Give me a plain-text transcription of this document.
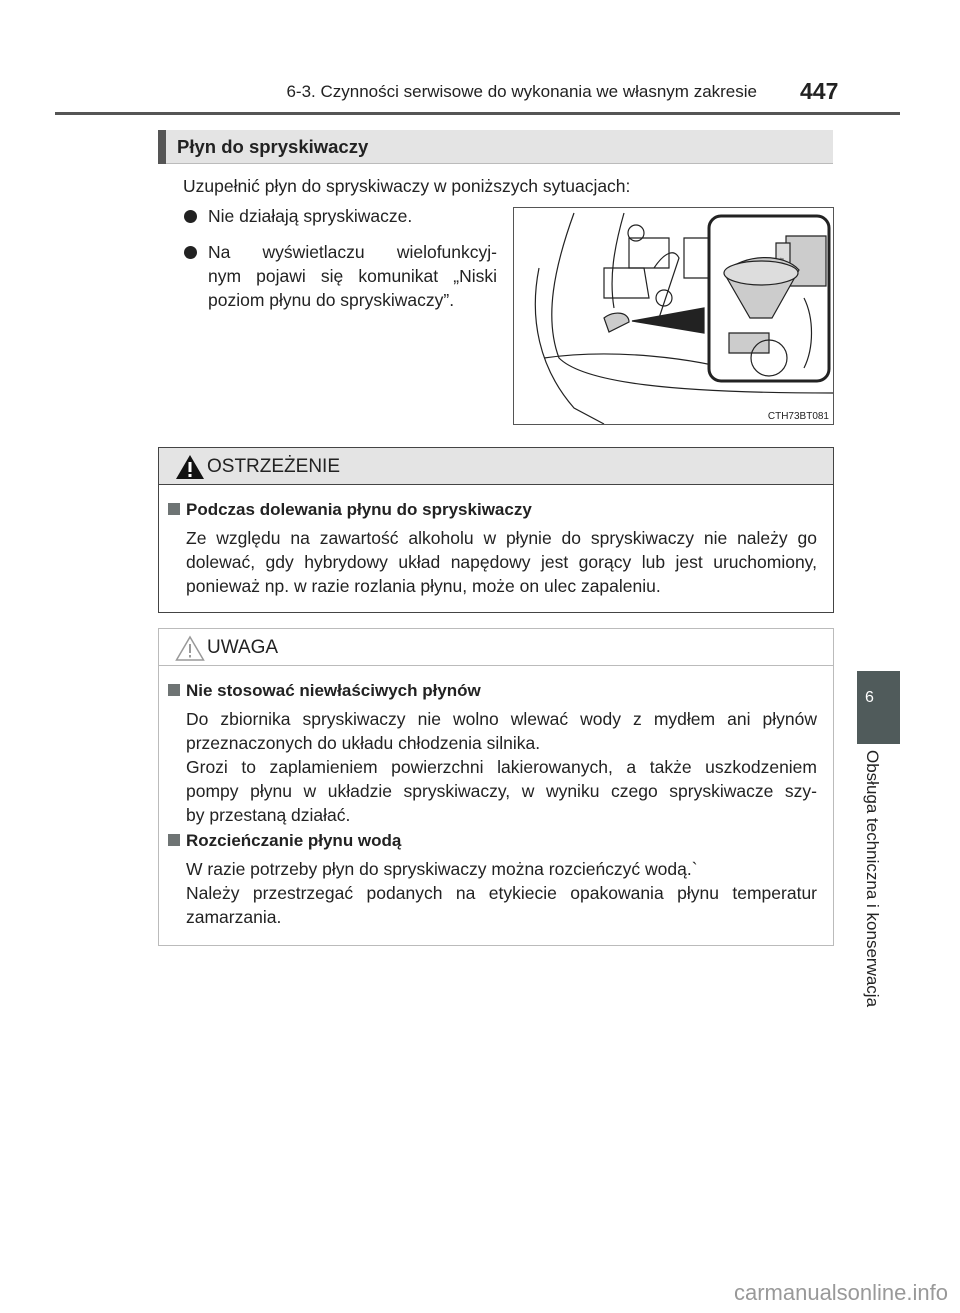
6-3. Czynności serwisowe do wykonania we własnym zakresie 447
Płyn do spryskiwaczy
Uzupełnić płyn do spryskiwaczy w poniższych sytuacjach:
Nie działają spryskiwacze.
Na wyświetlaczu wielofunkcyj-
nym pojawi się komunikat „Niski
poziom płynu do spryskiwaczy”.
CTH73BT081
OSTRZEŻENIE
Podczas dolewania płynu do spryskiwaczy
Ze względu na zawartość alkoholu w płynie do spryskiwaczy nie należy go
dolewać, gdy hybrydowy układ napędowy jest gorący lub jest uruchomiony,
ponieważ np. w razie rozlania płynu, może on ulec zapaleniu.
UWAGA
Nie stosować niewłaściwych płynów
Do zbiornika spryskiwaczy nie wolno wlewać wody z mydłem ani płynów
przeznaczonych do układu chłodzenia silnika.
Grozi to zaplamieniem powierzchni lakierowanych, a także uszkodzeniem
pompy płynu w układzie spryskiwaczy, w wyniku czego spryskiwacze szy-
by przestaną działać.
Rozcieńczanie płynu wodą
W razie potrzeby płyn do spryskiwaczy można rozcieńczyć wodą.`
Należy przestrzegać podanych na etykiecie opakowania płynu temperatur
zamarzania.
6
Obsługa techniczna i konserwacja
carmanualsonline.info
